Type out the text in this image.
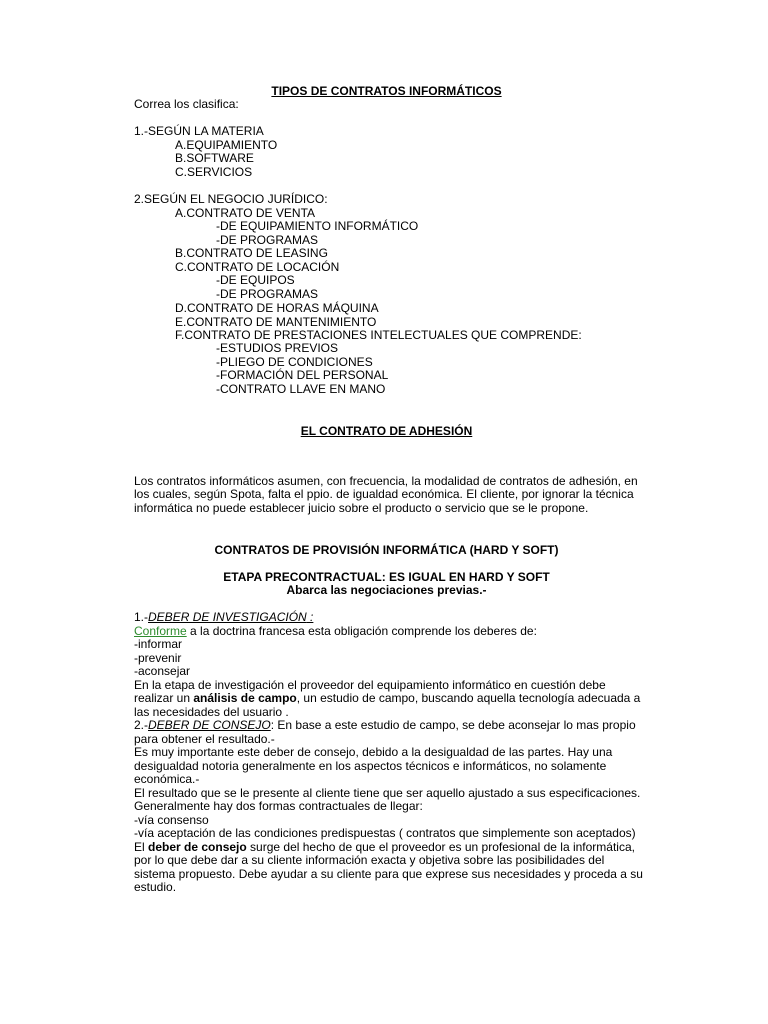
TIPOS DE CONTRATOS INFORMÁTICOS
Correa los clasifica:
1.-SEGÚN LA MATERIA
A.EQUIPAMIENTO
B.SOFTWARE
C.SERVICIOS
2.SEGÚN EL NEGOCIO JURÍDICO:
A.CONTRATO DE VENTA
-DE EQUIPAMIENTO INFORMÁTICO
-DE PROGRAMAS
B.CONTRATO DE LEASING
C.CONTRATO DE LOCACIÓN
-DE EQUIPOS
-DE PROGRAMAS
D.CONTRATO DE HORAS MÁQUINA
E.CONTRATO DE MANTENIMIENTO
F.CONTRATO DE PRESTACIONES INTELECTUALES QUE COMPRENDE:
-ESTUDIOS PREVIOS
-PLIEGO DE CONDICIONES
-FORMACIÓN DEL PERSONAL
-CONTRATO LLAVE EN MANO
EL CONTRATO DE ADHESIÓN
Los contratos informáticos asumen, con frecuencia, la modalidad de contratos de adhesión, en
los cuales, según Spota, falta el ppio. de igualdad económica. El cliente, por ignorar la técnica
informática no puede establecer juicio sobre el producto o servicio que se le propone.
CONTRATOS DE PROVISIÓN INFORMÁTICA (HARD Y SOFT)
ETAPA PRECONTRACTUAL: ES IGUAL EN HARD Y SOFT
Abarca las negociaciones previas.-
1.-DEBER DE INVESTIGACIÓN :
Conforme a la doctrina francesa esta obligación comprende los deberes de:
-informar
-prevenir
-aconsejar
En la etapa de investigación el proveedor del equipamiento informático en cuestión debe
realizar un análisis de campo, un estudio de campo, buscando aquella tecnología adecuada a
las necesidades del usuario .
2.-DEBER DE CONSEJO: En base a este estudio de campo, se debe aconsejar lo mas propio
para obtener el resultado.-
Es muy importante este deber de consejo, debido a la desigualdad de las partes. Hay una
desigualdad notoria generalmente en los aspectos técnicos e informáticos, no solamente
económica.-
El resultado que se le presente al cliente tiene que ser aquello ajustado a sus especificaciones.
Generalmente hay dos formas contractuales de llegar:
-vía consenso
-vía aceptación de las condiciones predispuestas ( contratos que simplemente son aceptados)
El deber de consejo surge del hecho de que el proveedor es un profesional de la informática,
por lo que debe dar a su cliente información exacta y objetiva sobre las posibilidades del
sistema propuesto. Debe ayudar a su cliente para que exprese sus necesidades y proceda a su
estudio.
